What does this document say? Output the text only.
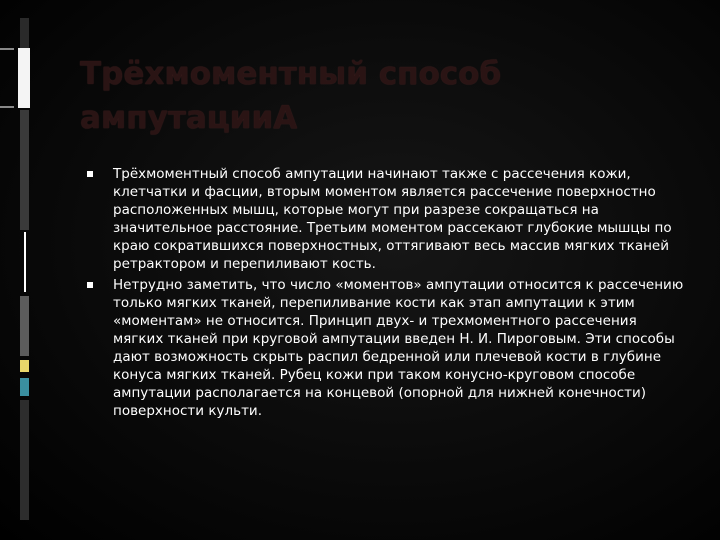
Трёхмоментный способ ампутацииА
Трёхмоментный способ ампутации начинают также с рассечения кожи, клетчатки и фасции, вторым моментом является рассечение поверхностно расположенных мышц, которые могут при разрезе сокращаться на значительное расстояние. Третьим моментом рассекают глубокие мышцы по краю сократившихся поверхностных, оттягивают весь массив мягких тканей ретрактором и перепиливают кость.
Нетрудно заметить, что число «моментов» ампутации относится к рассечению только мягких тканей, перепиливание кости как этап ампутации к этим «моментам» не относится. Принцип двух- и трехмоментного рассечения мягких тканей при круговой ампутации введен Н. И. Пироговым. Эти способы дают возможность скрыть распил бедренной или плечевой кости в глубине конуса мягких тканей. Рубец кожи при таком конусно-круговом способе ампутации располагается на концевой (опорной для нижней конечности) поверхности культи.
